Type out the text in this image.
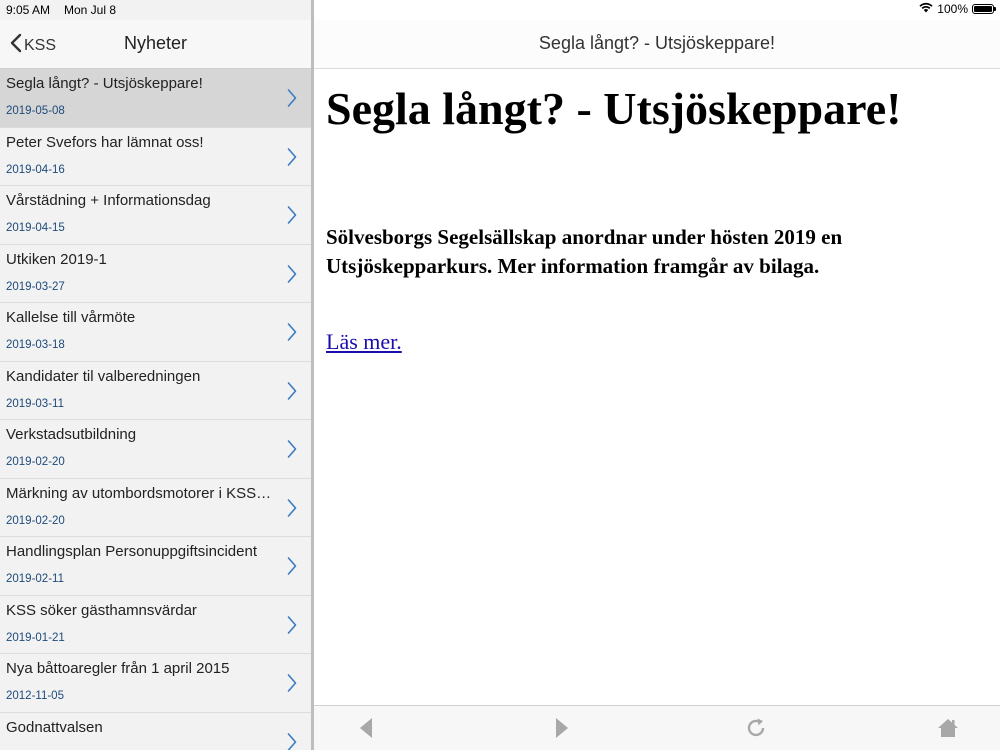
9:05 AM Mon Jul 8	100%
KSS	Nyheter
Segla långt? - Utsjöskeppare!
2019-05-08
Peter Svefors har lämnat oss!
2019-04-16
Vårstädning + Informationsdag
2019-04-15
Utkiken 2019-1
2019-03-27
Kallelse till vårmöte
2019-03-18
Kandidater til valberedningen
2019-03-11
Verkstadsutbildning
2019-02-20
Märkning av utombordsmotorer i KSS…
2019-02-20
Handlingsplan Personuppgiftsincident
2019-02-11
KSS söker gästhamnsvärdar
2019-01-21
Nya båttoaregler från 1 april 2015
2012-11-05
Godnattvalsen
Segla långt? - Utsjöskeppare!
Segla långt? - Utsjöskeppare!

Sölvesborgs Segelsällskap anordnar under hösten 2019 en Utsjöskepparkurs. Mer information framgår av bilaga.

Läs mer.
